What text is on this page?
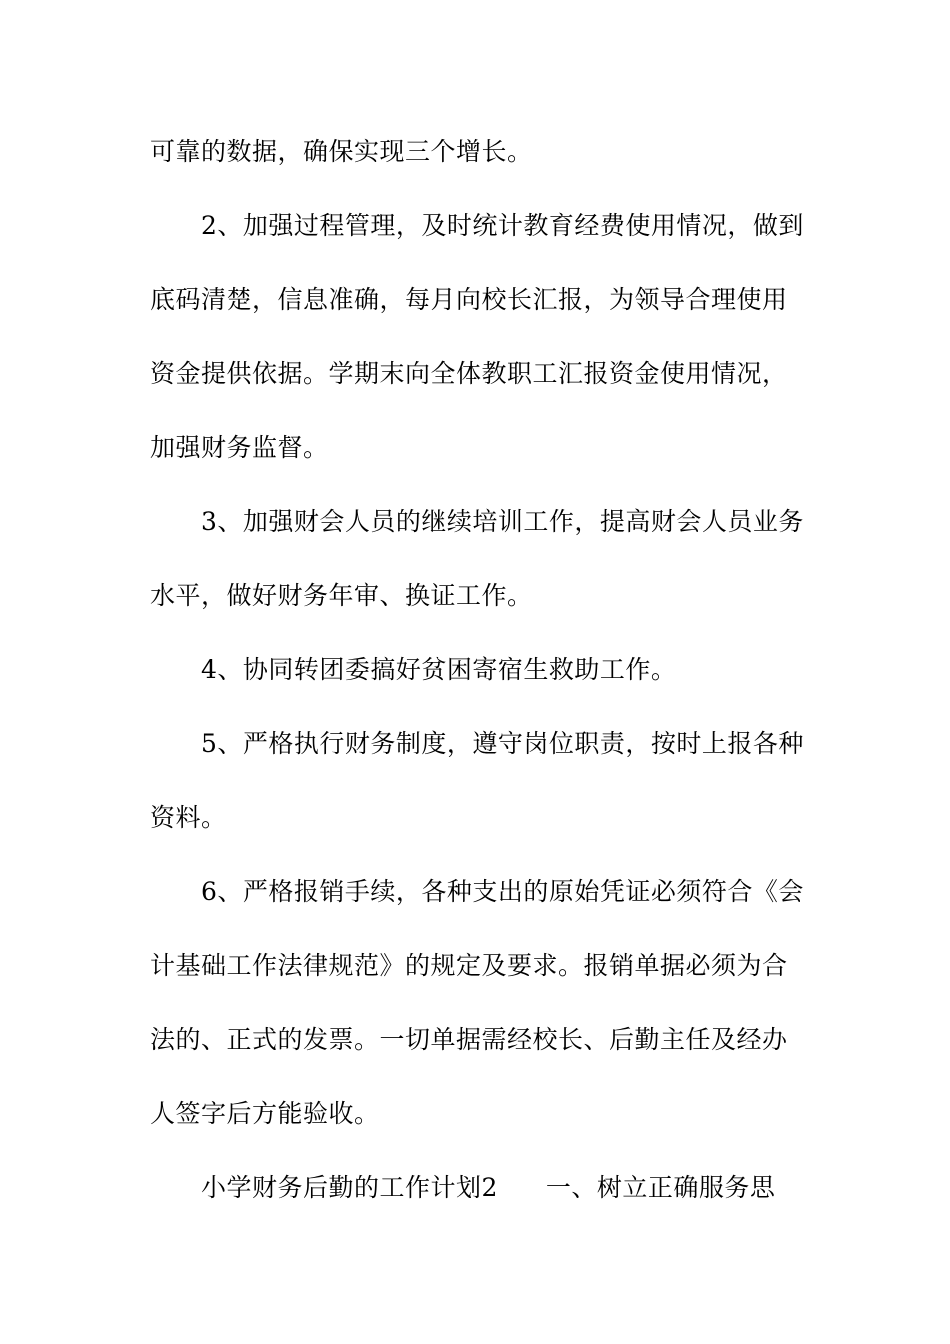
可靠的数据，确保实现三个增长。
2、加强过程管理，及时统计教育经费使用情况，做到
底码清楚，信息准确，每月向校长汇报，为领导合理使用
资金提供依据。学期末向全体教职工汇报资金使用情况，
加强财务监督。
3、加强财会人员的继续培训工作，提高财会人员业务
水平，做好财务年审、换证工作。
4、协同转团委搞好贫困寄宿生救助工作。
5、严格执行财务制度，遵守岗位职责，按时上报各种
资料。
6、严格报销手续，各种支出的原始凭证必须符合《会
计基础工作法律规范》的规定及要求。报销单据必须为合
法的、正式的发票。一切单据需经校长、后勤主任及经办
人签字后方能验收。
小学财务后勤的工作计划2 一、树立正确服务思
